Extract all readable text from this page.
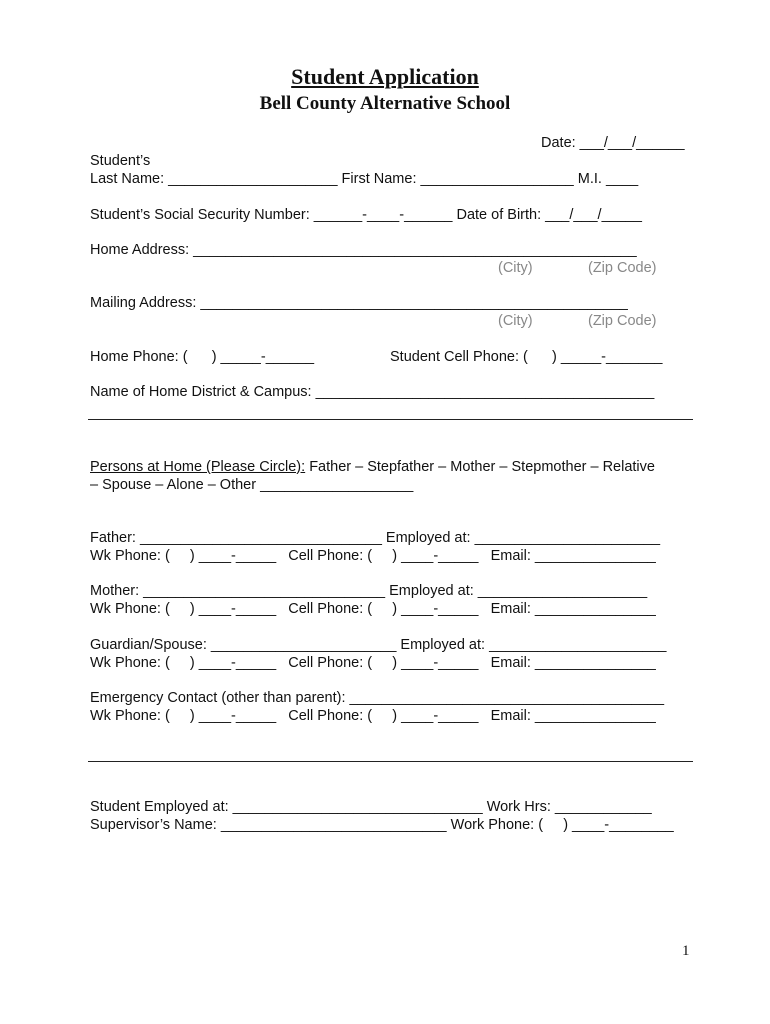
Student Application
Bell County Alternative School
Date: ___/___/______
Student’s
Last Name: _____________________ First Name: ___________________ M.I. ____
Student’s Social Security Number: ______-____-______ Date of Birth: ___/___/_____
Home Address: _______________________________________________________
(City)	(Zip Code)
Mailing Address: _____________________________________________________
(City)	(Zip Code)
Home Phone: (      ) _____-______	Student Cell Phone: (      ) _____-_______
Name of Home District & Campus: __________________________________________
Persons at Home (Please Circle): Father – Stepfather – Mother – Stepmother – Relative
– Spouse – Alone – Other ___________________
Father: ______________________________ Employed at: _______________________
Wk Phone: (     ) ____-_____   Cell Phone: (     ) ____-_____   Email: _______________
Mother: ______________________________ Employed at: _____________________
Wk Phone: (     ) ____-_____   Cell Phone: (     ) ____-_____   Email: _______________
Guardian/Spouse: _______________________ Employed at: ______________________
Wk Phone: (     ) ____-_____   Cell Phone: (     ) ____-_____   Email: _______________
Emergency Contact (other than parent): _______________________________________
Wk Phone: (     ) ____-_____   Cell Phone: (     ) ____-_____   Email: _______________
Student Employed at: _______________________________ Work Hrs: ____________
Supervisor’s Name: ____________________________ Work Phone: (     ) ____-________
1
